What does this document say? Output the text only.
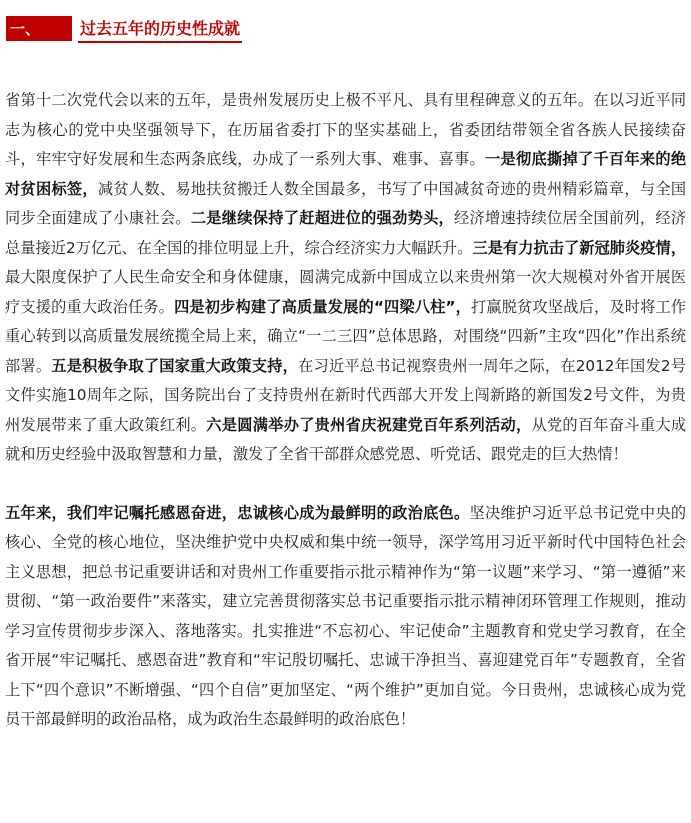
一、	过去五年的历史性成就

省第十二次党代会以来的五年，是贵州发展历史上极不平凡、具有里程碑意义的五年。在以习近平同志为核心的党中央坚强领导下，在历届省委打下的坚实基础上，省委团结带领全省各族人民接续奋斗，牢牢守好发展和生态两条底线，办成了一系列大事、难事、喜事。一是彻底撕掉了千百年来的绝对贫困标签，减贫人数、易地扶贫搬迁人数全国最多，书写了中国减贫奇迹的贵州精彩篇章，与全国同步全面建成了小康社会。二是继续保持了赶超进位的强劲势头，经济增速持续位居全国前列，经济总量接近2万亿元、在全国的排位明显上升，综合经济实力大幅跃升。三是有力抗击了新冠肺炎疫情，最大限度保护了人民生命安全和身体健康，圆满完成新中国成立以来贵州第一次大规模对外省开展医疗支援的重大政治任务。四是初步构建了高质量发展的“四梁八柱”，打赢脱贫攻坚战后，及时将工作重心转到以高质量发展统揽全局上来，确立“一二三四”总体思路，对围绕“四新”主攻“四化”作出系统部署。五是积极争取了国家重大政策支持，在习近平总书记视察贵州一周年之际，在2012年国发2号文件实施10周年之际，国务院出台了支持贵州在新时代西部大开发上闯新路的新国发2号文件，为贵州发展带来了重大政策红利。六是圆满举办了贵州省庆祝建党百年系列活动，从党的百年奋斗重大成就和历史经验中汲取智慧和力量，激发了全省干部群众感党恩、听党话、跟党走的巨大热情！

五年来，我们牢记嘱托感恩奋进，忠诚核心成为最鲜明的政治底色。坚决维护习近平总书记党中央的核心、全党的核心地位，坚决维护党中央权威和集中统一领导，深学笃用习近平新时代中国特色社会主义思想，把总书记重要讲话和对贵州工作重要指示批示精神作为“第一议题”来学习、“第一遵循”来贯彻、“第一政治要件”来落实，建立完善贯彻落实总书记重要指示批示精神闭环管理工作规则，推动学习宣传贯彻步步深入、落地落实。扎实推进“不忘初心、牢记使命”主题教育和党史学习教育，在全省开展“牢记嘱托、感恩奋进”教育和“牢记殷切嘱托、忠诚干净担当、喜迎建党百年”专题教育，全省上下“四个意识”不断增强、“四个自信”更加坚定、“两个维护”更加自觉。今日贵州，忠诚核心成为党员干部最鲜明的政治品格，成为政治生态最鲜明的政治底色！
